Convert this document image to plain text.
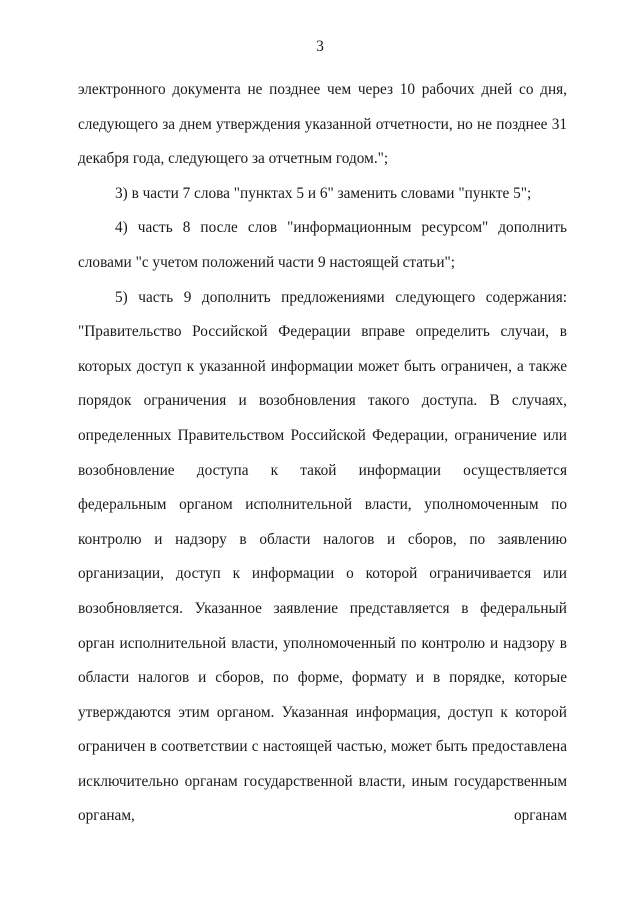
3

электронного документа не позднее чем через 10 рабочих дней со дня, следующего за днем утверждения указанной отчетности, но не позднее 31 декабря года, следующего за отчетным годом.";

3) в части 7 слова "пунктах 5 и 6" заменить словами "пункте 5";

4) часть 8 после слов "информационным ресурсом" дополнить словами "с учетом положений части 9 настоящей статьи";

5) часть 9 дополнить предложениями следующего содержания: "Правительство Российской Федерации вправе определить случаи, в которых доступ к указанной информации может быть ограничен, а также порядок ограничения и возобновления такого доступа. В случаях, определенных Правительством Российской Федерации, ограничение или возобновление доступа к такой информации осуществляется федеральным органом исполнительной власти, уполномоченным по контролю и надзору в области налогов и сборов, по заявлению организации, доступ к информации о которой ограничивается или возобновляется. Указанное заявление представляется в федеральный орган исполнительной власти, уполномоченный по контролю и надзору в области налогов и сборов, по форме, формату и в порядке, которые утверждаются этим органом. Указанная информация, доступ к которой ограничен в соответствии с настоящей частью, может быть предоставлена исключительно органам государственной власти, иным государственным органам, органам
